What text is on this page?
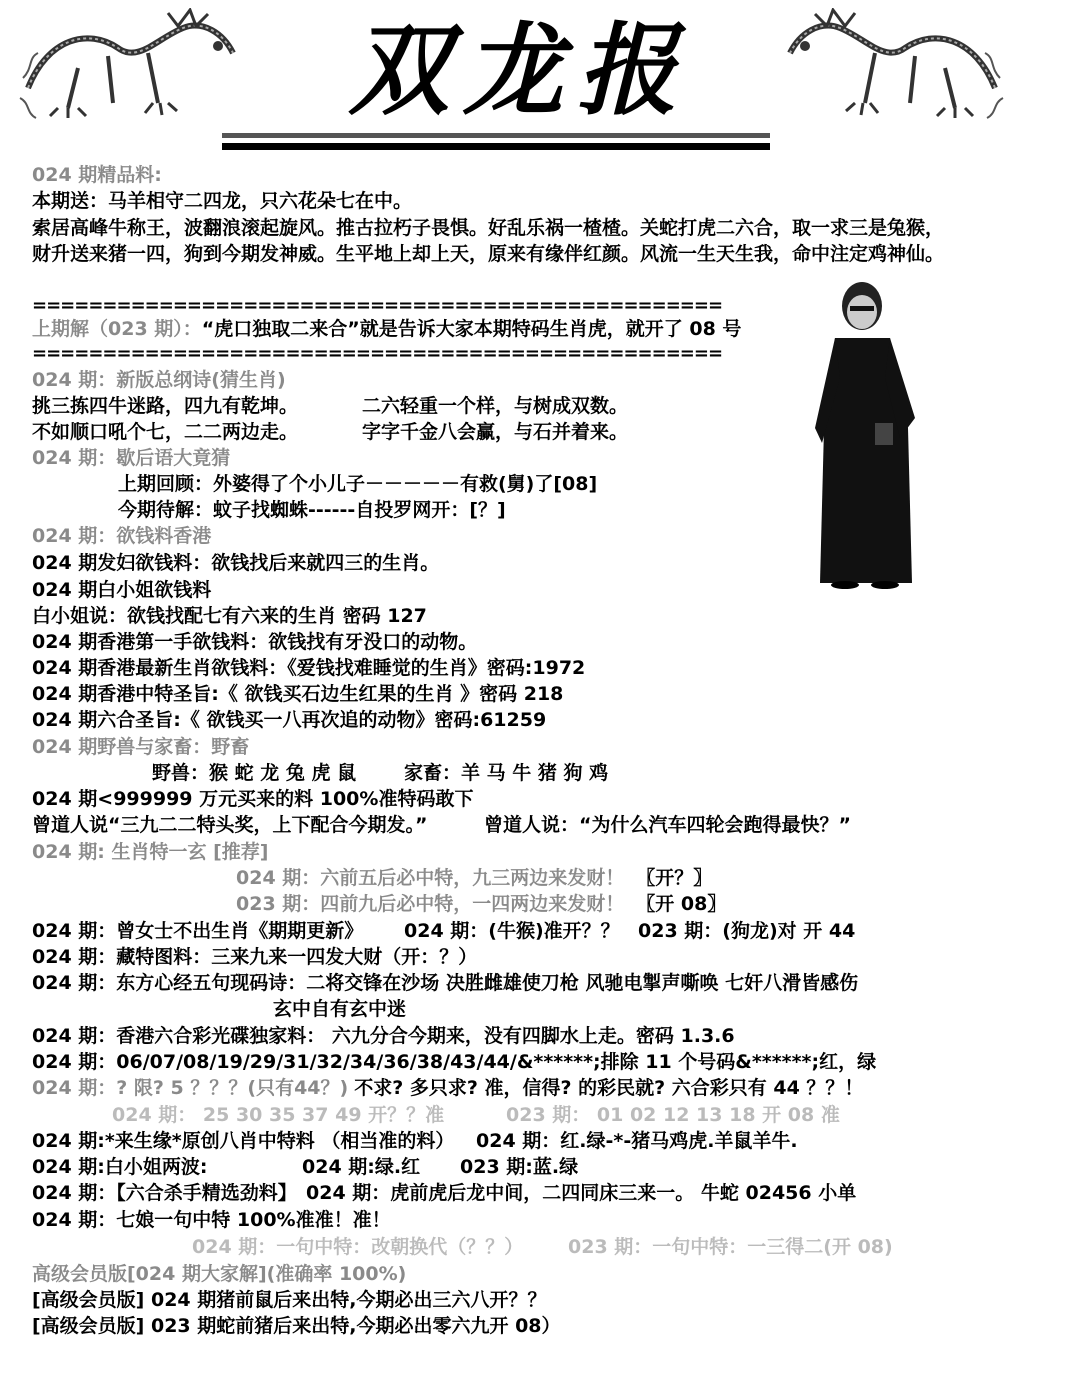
双龙报
024 期精品料:
本期送：马羊相守二四龙，只六花朵七在中。
索居高峰牛称王，波翻浪滚起旋风。推古拉朽子畏惧。好乱乐祸一楂楂。关蛇打虎二六合，取一求三是兔猴，财升送来猪一四，狗到今期发神威。生平地上却上天，原来有缘伴红颜。风流一生天生我，命中注定鸡神仙。
=================================================
上期解（023 期）：“虎口独取二来合”就是告诉大家本期特码生肖虎，就开了 08 号
=================================================
024 期：新版总纲诗(猜生肖)
挑三拣四牛迷路，四九有乾坤。	二六轻重一个样，与树成双数。
不如顺口吼个七，二二两边走。	字字千金八会赢，与石并着来。
024 期：歇后语大竟猜
上期回顾：外婆得了个小儿子－－－－－有救(舅)了[08]
今期待解：蚊子找蜘蛛------自投罗网开：[？]
024 期：欲钱料香港
024 期发妇欲钱料：欲钱找后来就四三的生肖。
024 期白小姐欲钱料
白小姐说：欲钱找配七有六来的生肖 密码 127
024 期香港第一手欲钱料：欲钱找有牙没口的动物。
024 期香港最新生肖欲钱料：《爱钱找难睡觉的生肖》密码:1972
024 期香港中特圣旨:《 欲钱买石边生红果的生肖 》密码 218
024 期六合圣旨:《 欲钱买一八再次追的动物》密码:61259
024 期野兽与家畜：野畜
野兽：猴 蛇 龙 兔 虎 鼠	家畜：羊 马 牛 猪 狗 鸡
024 期<999999 万元买来的料 100%准特码敢下
曾道人说“三九二二特头奖，上下配合今期发。”	曾道人说：“为什么汽车四轮会跑得最快？”
024 期: 生肖特一玄 [推荐]
024 期：六前五后必中特，九三两边来发财！ 〖开？〗
023 期：四前九后必中特，一四两边来发财！ 〖开 08〗
024 期：曾女士不出生肖《期期更新》 024 期：(牛猴)准开？？ 023 期：(狗龙)对 开 44
024 期：藏特图料：三来九来一四发大财（开：？）
024 期：东方心经五句现码诗：二将交锋在沙场 决胜雌雄使刀枪 风驰电掣声嘶唤 七奸八滑皆感伤
玄中自有玄中迷
024 期：香港六合彩光碟独家料： 六九分合今期来，没有四脚水上走。密码 1.3.6
024 期：06/07/08/19/29/31/32/34/36/38/43/44/&******;排除 11 个号码&******;红，绿
024 期：? 限? 5 ？？？(只有44？) 不求? 多只求? 准，信得? 的彩民就? 六合彩只有 44 ？？！
024 期： 25 30 35 37 49 开？？准	023 期： 01 02 12 13 18 开 08 准
024 期:*来生缘*原创八肖中特料 （相当准的料） 024 期：红.绿-*-猪马鸡虎.羊鼠羊牛.
024 期:白小姐两波:	024 期:绿.红 023 期:蓝.绿
024 期：【六合杀手精选劲料】 024 期：虎前虎后龙中间，二四同床三来一。 牛蛇 02456 小单
024 期：七娘一句中特 100%准准！准！
024 期：一句中特：改朝换代（？？） 023 期：一句中特：一三得二(开 08)
高级会员版[024 期大家解](准确率 100%)
[高级会员版] 024 期猪前鼠后来出特,今期必出三六八开？？
[高级会员版] 023 期蛇前猪后来出特,今期必出零六九开 08）
